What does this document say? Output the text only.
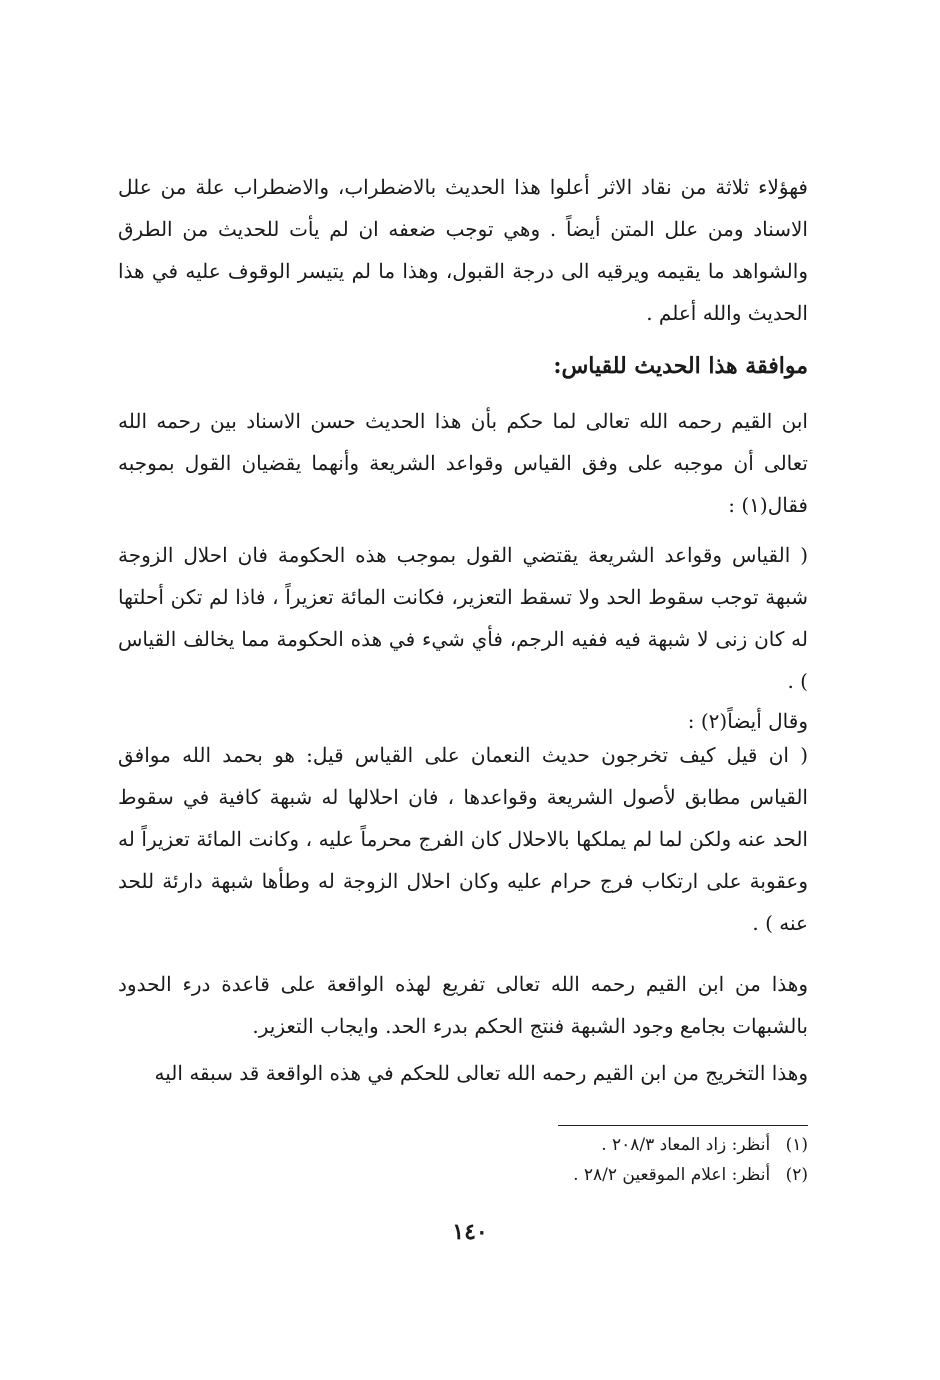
فهؤلاء ثلاثة من نقاد الاثر أعلوا هذا الحديث بالاضطراب، والاضطراب علة من علل الاسناد ومن علل المتن أيضاً . وهي توجب ضعفه ان لم يأت للحديث من الطرق والشواهد ما يقيمه ويرقيه الى درجة القبول، وهذا ما لم يتيسر الوقوف عليه في هذا الحديث والله أعلم .

موافقة هذا الحديث للقياس:

ابن القيم رحمه الله تعالى لما حكم بأن هذا الحديث حسن الاسناد بين رحمه الله تعالى أن موجبه على وفق القياس وقواعد الشريعة وأنهما يقضيان القول بموجبه فقال(١) :

( القياس وقواعد الشريعة يقتضي القول بموجب هذه الحكومة فان احلال الزوجة شبهة توجب سقوط الحد ولا تسقط التعزير، فكانت المائة تعزيراً ، فاذا لم تكن أحلتها له كان زنى لا شبهة فيه ففيه الرجم، فأي شيء في هذه الحكومة مما يخالف القياس ) .

وقال أيضاً(٢) :

( ان قيل كيف تخرجون حديث النعمان على القياس قيل: هو بحمد الله موافق القياس مطابق لأصول الشريعة وقواعدها ، فان احلالها له شبهة كافية في سقوط الحد عنه ولكن لما لم يملكها بالاحلال كان الفرج محرماً عليه ، وكانت المائة تعزيراً له وعقوبة على ارتكاب فرج حرام عليه وكان احلال الزوجة له وطأها شبهة دارئة للحد عنه ) .

وهذا من ابن القيم رحمه الله تعالى تفريع لهذه الواقعة على قاعدة درء الحدود بالشبهات بجامع وجود الشبهة فنتج الحكم بدرء الحد. وايجاب التعزير.

وهذا التخريج من ابن القيم رحمه الله تعالى للحكم في هذه الواقعة قد سبقه اليه

(١) أنظر: زاد المعاد ٢٠٨/٣ .

(٢) أنظر: اعلام الموقعين ٢٨/٢ .

١٤٠
